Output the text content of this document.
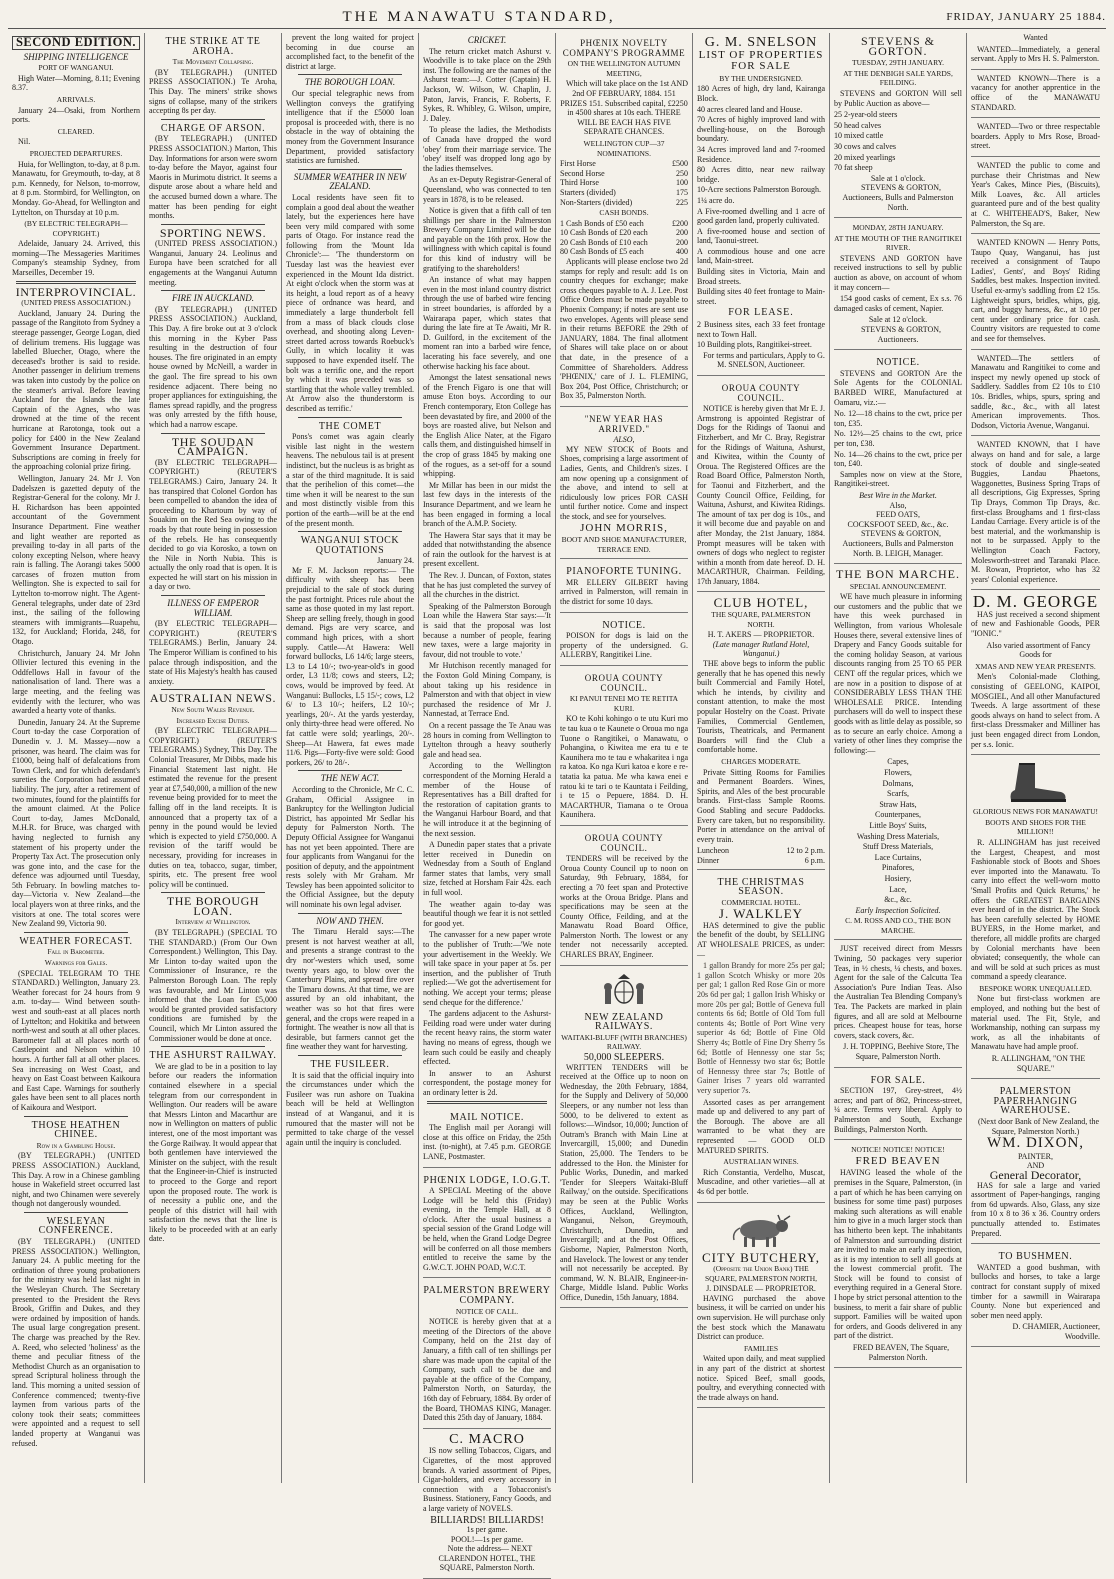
THE MANAWATU STANDARD,	FRIDAY, JANUARY 25 1884.
SECOND EDITION.
SHIPPING INTELLIGENCE
PORT OF WANGANUI.

High Water—Morning, 8.11; Evening 8.37.

ARRIVALS.

January 24—Osaki, from Northern ports.

CLEARED.

Nil.

PROJECTED DEPARTURES.

Huia, for Wellington, to-day, at 8 p.m. Manawatu, for Greymouth, to-day, at 8 p.m. Kennedy, for Nelson, to-morrow, at 8 p.m. Stormbird, for Wellington, on Monday. Go-Ahead, for Wellington and Lyttelton, on Thursday at 10 p.m.

(BY ELECTRIC TELEGRAPH—COPYRIGHT.)

Adelaide, January 24. Arrived, this morning—The Messageries Maritimes Company's steamship Sydney, from Marseilles, December 19.

INTERPROVINCIAL.
(UNITED PRESS ASSOCIATION.)

Auckland, January 24. During the passage of the Rangitoto from Sydney a steerage passenger, George Logan, died of delirium tremens. His luggage was labelled Bluecher, Otago, where the deceased's brother is said to reside. Another passenger in delirium tremens was taken into custody by the police on the steamer's arrival. Before leaving Auckland for the Islands the late Captain of the Agnes, who was drowned at the time of the recent hurricane at Rarotonga, took out a policy for £400 in the New Zealand Government Insurance Department. Subscriptions are coming in freely for the approaching colonial prize firing.

Wellington, January 24. Mr J. Von Dadelszen is gazetted deputy of the Registrar-General for the colony. Mr J. H. Richardson has been appointed accountant of the Government Insurance Department. Fine weather and light weather are reported as prevailing to-day in all parts of the colony excepting Nelson, where heavy rain is falling. The Aorangi takes 5000 carcases of frozen mutton from Wellington. She is expected to sail for Lyttelton to-morrow night. The Agent-General telegraphs, under date of 23rd inst., the sailing of the following steamers with immigrants—Ruapehu, 132, for Auckland; Florida, 248, for Otago.

Christchurch, January 24. Mr John Ollivier lectured this evening in the Oddfellows Hall in favour of the nationalisation of land. There was a large meeting, and the feeling was evidently with the lecturer, who was awarded a hearty vote of thanks.

Dunedin, January 24. At the Supreme Court to-day the case Corporation of Dunedin v. J. M. Massey—now a prisoner, was heard. The claim was for £1000, being half of defalcations from Town Clerk, and for which defendant's sureties the Corporation had assumed liability. The jury, after a retirement of two minutes, found for the plaintiffs for the amount claimed. At the Police Court to-day, James McDonald, M.H.R. for Bruce, was charged with having neglected to furnish any statement of his property under the Property Tax Act. The prosecution only was gone into, and the case for the defence was adjourned until Tuesday, 5th February. In bowling matches to-day—Victoria v. New Zealand—the local players won at three rinks, and the visitors at one. The total scores were New Zealand 99, Victoria 90.

WEATHER FORECAST.
Fall in Barometer.
Warnings for Gales.

(SPECIAL TELEGRAM TO THE STANDARD.) Wellington, January 23. Weather forecast for 24 hours from 9 a.m. to-day— Wind between south-west and south-east at all places north of Lyttelton; and Hokitika and between north-west and south at all other places. Barometer fall at all places north of Castlepoint and Nelson within 10 hours. A further fall at all other places. Sea increasing on West Coast, and heavy on East Coast between Kaikoura and East Cape. Warnings for southerly gales have been sent to all places north of Kaikoura and Westport.

THOSE HEATHEN CHINEE.
Row in a Gambling House.

(BY TELEGRAPH.) (UNITED PRESS ASSOCIATION.) Auckland, This Day. A row in a Chinese gambling house in Wakefield street occurred last night, and two Chinamen were severely though not dangerously wounded.

WESLEYAN CONFERENCE.

(BY TELEGRAPH.) (UNITED PRESS ASSOCIATION.) Wellington, January 24. A public meeting for the ordination of three young probationers for the ministry was held last night in the Wesleyan Church. The Secretary presented to the President the Revs Brook, Griffin and Dukes, and they were ordained by imposition of hands. The usual large congregation present. The charge was preached by the Rev. A. Reed, who selected 'holiness' as the theme and peculiar fitness of the Methodist Church as an organisation to spread Scriptural holiness through the land. This morning a united session of Conference commenced; twenty-five laymen from various parts of the colony took their seats; committees were appointed and a request to sell landed property at Wanganui was refused.

THE STRIKE AT TE AROHA.
The Movement Collapsing.

(BY TELEGRAPH.) (UNITED PRESS ASSOCIATION.) Te Aroha, This Day. The miners' strike shows signs of collapse, many of the strikers accepting 8s per day.

CHARGE OF ARSON.

(BY TELEGRAPH.) (UNITED PRESS ASSOCIATION.) Marton, This Day. Informations for arson were sworn to-day before the Mayor, against four Maoris in Murimotu district. It seems a dispute arose about a whare held and the accused burned down a whare. The matter has been pending for eight months.

SPORTING NEWS.

(UNITED PRESS ASSOCIATION.) Wanganui, January 24. Leolinus and Europa have been scratched for all engagements at the Wanganui Autumn meeting.

FIRE IN AUCKLAND.

(BY TELEGRAPH.) (UNITED PRESS ASSOCIATION.) Auckland, This Day. A fire broke out at 3 o'clock this morning in the Kyber Pass resulting in the destruction of four houses. The fire originated in an empty house owned by McNeill, a warder in the gaol. The fire spread to his own residence adjacent. There being no proper appliances for extinguishing, the flames spread rapidly, and the progress was only arrested by the fifth house, which had a narrow escape.

THE SOUDAN CAMPAIGN.

(BY ELECTRIC TELEGRAPH—COPYRIGHT.) (REUTER'S TELEGRAMS.) Cairo, January 24. It has transpired that Colonel Gordon has been compelled to abandon the idea of proceeding to Khartoum by way of Souakim on the Red Sea owing to the roads by that route being in possession of the rebels. He has consequently decided to go via Korosko, a town on the Nile in North Nubia. This is actually the only road that is open. It is expected he will start on his mission in a day or two.

ILLNESS OF EMPEROR WILLIAM.

(BY ELECTRIC TELEGRAPH—COPYRIGHT.) (REUTER'S TELEGRAMS.) Berlin, January 24. The Emperor William is confined to his palace through indisposition, and the state of His Majesty's health has caused anxiety.

AUSTRALIAN NEWS.
New South Wales Revenue.
Increased Excise Duties.

(BY ELECTRIC TELEGRAPH—COPYRIGHT.) (REUTER'S TELEGRAMS.) Sydney, This Day. The Colonial Treasurer, Mr Dibbs, made his Financial Statement last night. He estimated the revenue for the present year at £7,540,000, a million of the new revenue being provided for to meet the falling off in the land receipts. It is announced that a property tax of a penny in the pound would be levied which is expected to yield £750,000. A revision of the tariff would be necessary, providing for increases in duties on tea, tobacco, sugar, timber, spirits, etc. The present free wool policy will be continued.

THE BOROUGH LOAN.
Interview at Wellington.

(BY TELEGRAPH.) (SPECIAL TO THE STANDARD.) (From Our Own Correspondent.) Wellington, This Day. Mr Linton to-day waited upon the Commissioner of Insurance, re the Palmerston Borough Loan. The reply was favourable, and Mr Linton was informed that the Loan for £5,000 would be granted provided satisfactory conditions are furnished by the Council, which Mr Linton assured the Commissioner would be done at once.

THE ASHURST RAILWAY.

We are glad to be in a position to lay before our readers the information contained elsewhere in a special telegram from our correspondent in Wellington. Our readers will be aware that Messrs Linton and Macarthur are now in Wellington on matters of public interest, one of the most important was the Gorge Railway. It would appear that both gentlemen have interviewed the Minister on the subject, with the result that the Engineer-in-Chief is instructed to proceed to the Gorge and report upon the proposed route. The work is of necessity a public one, and the people of this district will hail with satisfaction the news that the line is likely to be proceeded with at an early date.

prevent the long waited for project becoming in due course an accomplished fact, to the benefit of the district at large.

THE BOROUGH LOAN.

Our special telegraphic news from Wellington conveys the gratifying intelligence that if the £5000 loan proposal is proceeded with, there is no obstacle in the way of obtaining the money from the Government Insurance Department, provided satisfactory statistics are furnished.

SUMMER WEATHER IN NEW ZEALAND.

Local residents have seen fit to complain a good deal about the weather lately, but the experiences here have been very mild compared with some parts of Otago. For instance read the following from the 'Mount Ida Chronicle':— 'The thunderstorm on Tuesday last was the heaviest ever experienced in the Mount Ida district. At eight o'clock when the storm was at its height, a loud report as of a heavy piece of ordnance was heard, and immediately a large thunderbolt fell from a mass of black clouds close overhead, and shooting along Leven-street darted across towards Roebuck's Gully, in which locality it was supposed to have expended itself. The bolt was a terrific one, and the report by which it was preceded was so startling that the whole valley trembled. At Arrow also the thunderstorm is described as terrific.'

THE COMET

Pons's comet was again clearly visible last night in the western heavens. The nebulous tail is at present indistinct, but the nucleus is as bright as a star of the third magnitude. It is said that the perihelion of this comet—the time when it will be nearest to the sun and most distinctly visible from this portion of the earth—will be at the end of the present month.

WANGANUI STOCK QUOTATIONS
January 24.

Mr F. M. Jackson reports:— The difficulty with sheep has been prejudicial to the sale of stock during the past fortnight. Prices rule about the same as those quoted in my last report. Sheep are selling freely, though in good demand. Pigs are very scarce, and command high prices, with a short supply. Cattle—At Hawera: Well forward bullocks, L6 14/6; large steers, L3 to L4 10/-; two-year-old's in good order, L3 11/8; cows and steers, L2; cows, would be improved by feed. At Wanganui: Bullocks, L5 15/-; cows, L2 6/ to L3 10/-; heifers, L2 10/-; yearlings, 20/-. At the yards yesterday, only thirty-three head were offered. No fat cattle were sold; yearlings, 20/-. Sheep—At Hawera, fat ewes made 11/6. Pigs—Forty-five were sold: Good porkers, 26/ to 28/-.

THE NEW ACT.

According to the Chronicle, Mr C. C. Graham, Official Assignee in Bankruptcy for the Wellington Judicial District, has appointed Mr Sedlar his deputy for Palmerston North. The Deputy Official Assignee for Wanganui has not yet been appointed. There are four applicants from Wanganui for the position of deputy, and the appointment rests solely with Mr Graham. Mr Tewsley has been appointed solicitor to the Official Assignee, but the deputy will nominate his own legal adviser.

NOW AND THEN.

The Timaru Herald says:—The present is not harvest weather at all, and presents a strange contrast to the dry nor'-westers which used, some twenty years ago, to blow over the Canterbury Plains, and spread fire over the Timaru downs. At that time, we are assured by an old inhabitant, the weather was so hot that fires were general, and the crops were reaped in a fortnight. The weather is now all that is desirable, but farmers cannot get the fine weather they want for harvesting.

THE FUSILEER.

It is said that the official inquiry into the circumstances under which the Fusileer was run ashore on Tuakina beach will be held at Wellington instead of at Wanganui, and it is rumoured that the master will not be permitted to take charge of the vessel again until the inquiry is concluded.

CRICKET.

The return cricket match Ashurst v. Woodville is to take place on the 29th inst. The following are the names of the Ashurst team:—J. Cotter (Captain) H. Jackson, W. Wilson, W. Chaplin, J. Paton, Jarvis, Francis, F. Roberts, F. Sykes, R. Whibley, G. Wilson, umpire, J. Daley.

To please the ladies, the Methodists of Canada have dropped the word 'obey' from their marriage service. The 'obey' itself was dropped long ago by the ladies themselves.

As an ex-Deputy Registrar-General of Queensland, who was connected to ten years in 1878, is to be released.

Notice is given that a fifth call of ten shillings per share in the Palmerston Brewery Company Limited will be due and payable on the 16th prox. How the willingness with which capital is found for this kind of industry will be gratifying to the shareholders!

An instance of what may happen even in the most inland country district through the use of barbed wire fencing in street boundaries, is afforded by a Wairarapa paper, which states that during the late fire at Te Awaiti, Mr R. D. Guilford, in the excitement of the moment ran into a barbed wire fence, lacerating his face severely, and one otherwise hacking his face about.

Amongst the latest sensational news of the French Figaro is one that will amuse Eton boys. According to our French contemporary, Eton College has been devastated by fire, and 2000 of the boys are roasted alive, but Nelson and the English Alice Nater, at the Figaro calls them, and distinguished himself in the crop of grass 1845 by making one of the rogues, as a set-off for a sound whipping.

Mr Millar has been in our midst the last few days in the interests of the Insurance Department, and we learn he has been engaged in forming a local branch of the A.M.P. Society.

The Hawera Star says that it may be added that notwithstanding the absence of rain the outlook for the harvest is at present excellent.

The Rev. J. Duncan, of Foxton, states that he has just completed the survey of all the churches in the district.

Speaking of the Palmerston Borough Loan while the Hawera Star says:—'It is said that the proposal was lost because a number of people, fearing new taxes, were a large majority in favour, did not trouble to vote.'

Mr Hutchison recently managed for the Foxton Gold Mining Company, is about taking up his residence in Palmerston and with that object in view purchased the residence of Mr J. Nannestad, at Terrace End.

On a recent passage the Te Anau was 28 hours in coming from Wellington to Lyttelton through a heavy southerly gale and head sea.

According to the Wellington correspondent of the Morning Herald a member of the House of Representatives has a Bill drafted for the restoration of capitation grants to the Wanganui Harbour Board, and that he will introduce it at the beginning of the next session.

A Dunedin paper states that a private letter received in Dunedin on Wednesday from a South of England farmer states that lambs, very small size, fetched at Horsham Fair 42s. each in full wool.

The weather again to-day was beautiful though we fear it is not settled for good yet.

The canvasser for a new paper wrote to the publisher of Truth:—'We note your advertisement in the Weekly. We will take space in your paper at 5s. per insertion, and the publisher of Truth replied:—'We got the advertisement for nothing. We accept your terms; please send cheque for the difference.'

The gardens adjacent to the Ashurst-Feilding road were under water during the recent heavy rains, the storm water having no means of egress, though we learn such could be easily and cheaply effected.

In answer to an Ashurst correspondent, the postage money for an ordinary letter is 2d.

MAIL NOTICE.

The English mail per Aorangi will close at this office on Friday, the 25th inst. (to-night), at 7.45 p.m. GEORGE LANE, Postmaster.

PHŒNIX LODGE, I.O.G.T.

A SPECIAL Meeting of the above Lodge will be held this (Friday) evening, in the Temple Hall, at 8 o'clock. After the usual business a special session of the Grand Lodge will be held, when the Grand Lodge Degree will be conferred on all those members entitled to receive the same by the G.W.C.T. JOHN POAD, W.C.T.

PALMERSTON BREWERY COMPANY.
NOTICE OF CALL.

NOTICE is hereby given that at a meeting of the Directors of the above Company, held on the 21st day of January, a fifth call of ten shillings per share was made upon the capital of the Company, such call to be due and payable at the office of the Company, Palmerston North, on Saturday, the 16th day of February, 1884. By order of the Board, THOMAS KING, Manager. Dated this 25th day of January, 1884.

C. MACRO

IS now selling Tobaccos, Cigars, and Cigarettes, of the most approved brands. A varied assortment of Pipes, Cigar-holders, and every accessory in connection with a Tobacconist's Business. Stationery, Fancy Goods, and a large variety of NOVELS.

BILLIARDS! BILLIARDS!
1s per game.
POOL!—1s per game.

Note the address— NEXT CLARENDON HOTEL, THE SQUARE, Palmerston North.

PHŒNIX NOVELTY COMPANY'S PROGRAMME
ON THE WELLINGTON AUTUMN MEETING,

Which will take place on the 1st AND 2nd OF FEBRUARY, 1884. 151 PRIZES 151. Subscribed capital, £2250 in 4500 shares at 10s each. THERE WILL BE EACH HAS FIVE SEPARATE CHANCES.

WELLINGTON CUP—37 NOMINATIONS.
First Horse	£500
Second Horse	250
Third Horse	100
Starters (divided)	175
Non-Starters (divided)	225
CASH BONDS.
1 Cash Bonds of £50 each	£200
10 Cash Bonds of £20 each	200
20 Cash Bonds of £10 each	200
80 Cash Bonds of £5 each	400

Applicants will please enclose two 2d stamps for reply and result: add 1s on country cheques for exchange; make cross cheques payable to A. J. Lee. Post Office Orders must be made payable to Phoenix Company; if notes are sent use two envelopes. Agents will please send in their returns BEFORE the 29th of JANUARY, 1884. The final allotment of Shares will take place on or about that date, in the presence of a Committee of Shareholders. Address 'PHŒNIX,' care of J. L. FLEMING, Box 204, Post Office, Christchurch; or Box 35, Palmerston North.

"NEW YEAR HAS ARRIVED."
ALSO,

MY NEW STOCK of Boots and Shoes, comprising a large assortment of Ladies, Gents, and Children's sizes. I am now opening up a consignment of the above, and intend to sell at ridiculously low prices FOR CASH until further notice. Come and inspect the stock, and see for yourselves.

JOHN MORRIS,
BOOT AND SHOE MANUFACTURER, TERRACE END.
PIANOFORTE TUNING.

MR ELLERY GILBERT having arrived in Palmerston, will remain in the district for some 10 days.

NOTICE.

POISON for dogs is laid on the property of the undersigned. G. ALLERBY, Rangitikei Line.

OROUA COUNTY COUNCIL.
KI PANUI TENEI MO TE RETITA KURI.

KO te Kohi kohingo o te utu Kuri mo te tau kua o te Kaunete o Oroua mo nga Tuone o Rangitikei, o Manawatu, o Pohangina, o Kiwitea me era tu e te Kaunihera mo te tau e whakaritea i nga ra katoa. Ko nga Kuri katoa e kore e re-tatatia ka patua. Me wha kawa enei e ratou ki te tari o te Kauntata i Feilding, i te 15 o Pepuere, 1884. D. H. MACARTHUR, Tiamana o te Oroua Kaunihera.

OROUA COUNTY COUNCIL.

TENDERS will be received by the Oroua County Council up to noon on Saturday, 9th February, 1884, for erecting a 70 feet span and Protective works at the Oroua Bridge. Plans and specifications may be seen at the County Office, Feilding, and at the Manawatu Road Board Office, Palmerston North. The lowest or any tender not necessarily accepted. CHARLES BRAY, Engineer.

NEW ZEALAND RAILWAYS.
WAITAKI-BLUFF (WITH BRANCHES) RAILWAY.
50,000 SLEEPERS.

WRITTEN TENDERS will be received at the Office up to noon on Wednesday, the 20th February, 1884, for the Supply and Delivery of 50,000 Sleepers, or any number not less than 5000, to be delivered to extent as follows:—Windsor, 10,000; Junction of Outram's Branch with Main Line at Invercargill, 15,000; and Dunedin Station, 25,000. The Tenders to be addressed to the Hon. the Minister for Public Works, Dunedin, and marked 'Tender for Sleepers Waitaki-Bluff Railway,' on the outside. Specifications may be seen at the Public Works Offices, Auckland, Wellington, Wanganui, Nelson, Greymouth, Christchurch, Dunedin, and Invercargill; and at the Post Offices, Gisborne, Napier, Palmerston North, and Havelock. The lowest or any tender will not necessarily be accepted. By command, W. N. BLAIR, Engineer-in-Charge, Middle Island. Public Works Office, Dunedin, 15th January, 1884.

G. M. SNELSON
LIST OF PROPERTIES
FOR SALE
BY THE UNDERSIGNED.
180 Acres of high, dry land, Kairanga Block.
40 acres cleared land and House.
70 Acres of highly improved land with dwelling-house, on the Borough boundary.
34 Acres improved land and 7-roomed Residence.
80 Acres ditto, near new railway bridge.
10-Acre sections Palmerston Borough.
1¼ acre do.
A Five-roomed dwelling and 1 acre of good garden land, properly cultivated.
A five-roomed house and section of land, Taonui-street.
A commodious house and one acre land, Main-street.
Building sites in Victoria, Main and Broad streets.
Building sites 40 feet frontage to Main-street.
FOR LEASE.
2 Business sites, each 33 feet frontage next to Town Hall.
10 Building plots, Rangitikei-street.

For terms and particulars, Apply to G. M. SNELSON, Auctioneer.

OROUA COUNTY COUNCIL.

NOTICE is hereby given that Mr E. J. Armstrong is appointed Registrar of Dogs for the Ridings of Taonui and Fitzherbert, and Mr C. Bray, Registrar for the Ridings of Waituna, Ashurst, and Kiwitea, within the County of Oroua. The Registered Offices are the Road Board Office, Palmerston North, for Taonui and Fitzherbert, and the County Council Office, Feilding, for Waituna, Ashurst, and Kiwitea Ridings. The amount of tax per dog is 10s., and it will become due and payable on and after Monday, the 21st January, 1884. Prompt measures will be taken with owners of dogs who neglect to register within a month from date hereof. D. H. MACARTHUR, Chairman. Feilding, 17th January, 1884.

CLUB HOTEL,
THE SQUARE, PALMERSTON NORTH.
H. T. AKERS — PROPRIETOR.
(Late manager Rutland Hotel, Wanganui.)

THE above begs to inform the public generally that he has opened this newly built Commercial and Family Hotel, which he intends, by civility and constant attention, to make the most popular Hostelry on the Coast. Private Families, Commercial Gentlemen, Tourists, Theatricals, and Permanent Boarders will find the Club a comfortable home.

CHARGES MODERATE.

Private Sitting Rooms for Families and Permanent Boarders. Wines, Spirits, and Ales of the best procurable brands. First-class Sample Rooms. Good Stabling and secure Paddocks. Every care taken, but no responsibility. Porter in attendance on the arrival of every train.

Luncheon	12 to 2 p.m.
Dinner	6 p.m.
THE CHRISTMAS SEASON.
COMMERCIAL HOTEL.
J. WALKLEY

HAS determined to give the public the benefit of the doubt, by SELLING AT WHOLESALE PRICES, as under:—

1 gallon Brandy for more 25s per gal; 1 gallon Scotch Whisky or more 20s per gal; 1 gallon Red Rose Gin or more 20s 6d per gal; 1 gallon Irish Whisky or more 20s per gal; Bottle of Geneva full contents 6s 6d; Bottle of Old Tom full contents 4s; Bottle of Port Wine very superior 4s 6d; Bottle of Fine Old Sherry 4s; Bottle of Fine Dry Sherry 5s 6d; Bottle of Hennessy one star 5s; Bottle of Hennessy two star 6s; Bottle of Hennessy three star 7s; Bottle of Gainer Irises 7 years old warranted very superior 7s.

Assorted cases as per arrangement made up and delivered to any part of the Borough. The above are all warranted to be what they are represented — GOOD OLD MATURED SPIRITS.

AUSTRALIAN WINES.

Rich Constantia, Verdelho, Muscat, Muscadine, and other varieties—all at 4s 6d per bottle.

CITY BUTCHERY,
(Opposite the Union Bank) THE SQUARE, PALMERSTON NORTH,
J. DINSDALE — PROPRIETOR.

HAVING purchased the above business, it will be carried on under his own supervision. He will purchase only the best stock which the Manawatu District can produce.

FAMILIES

Waited upon daily, and meat supplied in any part of the district at shortest notice. Spiced Beef, small goods, poultry, and everything connected with the trade always on hand.

STEVENS & GORTON.
TUESDAY, 29TH JANUARY.
AT THE DENBIGH SALE YARDS, FEILDING.

STEVENS and GORTON Will sell by Public Auction as above—

25 2-year-old steers
50 head calves
10 mixed cattle
30 cows and calves
20 mixed yearlings
70 fat sheep
Sale at 1 o'clock.

STEVENS & GORTON, Auctioneers, Bulls and Palmerston North.

MONDAY, 28TH JANUARY.
AT THE MOUTH OF THE RANGITIKEI RIVER.

STEVENS AND GORTON have received instructions to sell by public auction as above, on account of whom it may concern—

154 good casks of cement, Ex s.s. 76 damaged casks of cement, Napier.

Sale at 12 o'clock.

STEVENS & GORTON, Auctioneers.

NOTICE.

STEVENS and GORTON Are the Sole Agents for the COLONIAL BARBED WIRE, Manufactured at Oamaru, viz.:—

No. 12—18 chains to the cwt, price per ton, £35.
No. 12½—25 chains to the cwt, price per ton, £38.
No. 14—26 chains to the cwt, price per ton, £40.

Samples now on view at the Store, Rangitikei-street.

Best Wire in the Market.
Also,
FEED OATS,
COCKSFOOT SEED, &c., &c.

STEVENS & GORTON, Auctioneers, Bulls and Palmerston North. B. LEIGH, Manager.

THE BON MARCHE.
SPECIAL ANNOUNCEMENT.

WE have much pleasure in informing our customers and the public that we have this week purchased in Wellington, from various Wholesale Houses there, several extensive lines of Drapery and Fancy Goods suitable for the coming holiday Season, at various discounts ranging from 25 TO 65 PER CENT off the regular prices, which we are now in a position to dispose of at CONSIDERABLY LESS THAN THE WHOLESALE PRICE. Intending purchasers will do well to inspect these goods with as little delay as possible, so as to secure an early choice. Among a variety of other lines they comprise the following:—

Capes,
Flowers,
Dolmans,
Scarfs,
Straw Hats,
Counterpanes,
Little Boys' Suits,
Washing Dress Materials,
Stuff Dress Materials,
Lace Curtains,
Pinafores,
Hosiery,
Lace,
&c., &c.
Early Inspection Solicited.
C. M. ROSS AND CO., THE BON MARCHE.

JUST received direct from Messrs Twining, 50 packages very superior Teas, in ½ chests, ¼ chests, and boxes. Agent for the sale of the Calcutta Tea Association's Pure Indian Teas. Also the Australian Tea Blending Company's Tea. The Packets are marked in plain figures, and all are sold at Melbourne prices. Cheapest house for teas, horse covers, stack covers, &c.

J. H. TOPPING, Beehive Store, The Square, Palmerston North.

FOR SALE.

SECTION 197, Grey-street, 4½ acres; and part of 862, Princess-street, ¼ acre. Terms very liberal. Apply to Palmerston and South, Exchange Buildings, Palmerston North.

NOTICE! NOTICE! NOTICE!
FRED BEAVEN

HAVING leased the whole of the premises in the Square, Palmerston, (in a part of which he has been carrying on business for some time past) purposes making such alterations as will enable him to give in a much larger stock than has hitherto been kept. The inhabitants of Palmerston and surrounding district are invited to make an early inspection, as it is my intention to sell all goods at the lowest commercial profit. The Stock will be found to consist of everything required in a General Store. I hope by strict personal attention to the business, to merit a fair share of public support. Families will be waited upon for orders, and Goods delivered in any part of the district.

FRED BEAVEN, The Square, Palmerston North.

Wanted

WANTED—Immediately, a general servant. Apply to Mrs H. S. Palmerston.

WANTED KNOWN—There is a vacancy for another apprentice in the office of the MANAWATU STANDARD.

WANTED—Two or three respectable boarders. Apply to Mrs Rose, Broad-street.

WANTED the public to come and purchase their Christmas and New Year's Cakes, Mince Pies, (Biscuits), Milk Loaves, &c. All articles guaranteed pure and of the best quality at C. WHITEHEAD'S, Baker, New Palmerston, the Sq are.

WANTED KNOWN — Henry Potts, Taupo Quay, Wanganui, has just received a consignment of Taupo Ladies', Gents', and Boys' Riding Saddles, best makes. Inspection invited. Useful ex-army's saddling from £2 15s. Lightweight spurs, bridles, whips, gig, cart, and buggy harness, &c., at 10 per cent under ordinary price for cash. Country visitors are requested to come and see for themselves.

WANTED—The settlers of Manawatu and Rangitikei to come and inspect my newly opened up stock of Saddlery. Saddles from £2 10s to £10 10s. Bridles, whips, spurs, spring and saddle, &c., &c., with all latest American improvements. Thos. Dodson, Victoria Avenue, Wanganui.

WANTED KNOWN, that I have always on hand and for sale, a large stock of double and single-seated Buggies, Landau Phaetons, Waggonettes, Business Spring Traps of all descriptions, Gig Expresses, Spring Tip Drays, Common Tip Drays, &c. first-class Broughams and 1 first-class Landau Carriage. Every article is of the best material, and the workmanship is not to be surpassed. Apply to the Wellington Coach Factory, Molesworth-street and Taranaki Place. M. Rowan, Proprietor, who has 32 years' Colonial experience.

D. M. GEORGE

HAS just received a second shipment of new and Fashionable Goods, PER "IONIC."

Also varied assortment of Fancy Goods for

XMAS AND NEW YEAR PRESENTS.

Men's Colonial-made Clothing, consisting of GEELONG, KAIPOI, MOSGIEL, And all other Manufactured Tweeds. A large assortment of these goods always on hand to select from. A first-class Dressmaker and Milliner has just been engaged direct from London, per s.s. Ionic.

GLORIOUS NEWS FOR MANAWATU!
BOOTS AND SHOES FOR THE MILLION!!

R. ALLINGHAM has just received the Largest, Cheapest, and most Fashionable stock of Boots and Shoes ever imported into the Manawatu. To carry into effect the well-worn motto 'Small Profits and Quick Returns,' he offers the GREATEST BARGAINS ever heard of in the district. The Stock has been carefully selected by HOME BUYERS, in the Home market, and therefore, all middle profits are charged by Colonial merchants have been obviated; consequently, the whole can and will be sold at such prices as must command a speedy clearance.

BESPOKE WORK UNEQUALLED.

None but first-class workmen are employed, and nothing but the best of material used. The Fit, Style, and Workmanship, nothing can surpass my work, as all the inhabitants of Manawatu have had ample proof.

R. ALLINGHAM, "ON THE SQUARE."

PALMERSTON PAPERHANGING WAREHOUSE.

(Next door Bank of New Zealand, the Square, Palmerston North.)

WM. DIXON,
PAINTER,
AND
General Decorator,

HAS for sale a large and varied assortment of Paper-hangings, ranging from 6d upwards. Also, Glass, any size from 10 x 8 to 36 x 36. Country orders punctually attended to. Estimates Prepared.

TO BUSHMEN.

WANTED a good bushman, with bullocks and horses, to take a large contract for constant supply of mixed timber for a sawmill in Wairarapa County. None but experienced and sober men need apply.

D. CHAMIER, Auctioneer, Woodville.
